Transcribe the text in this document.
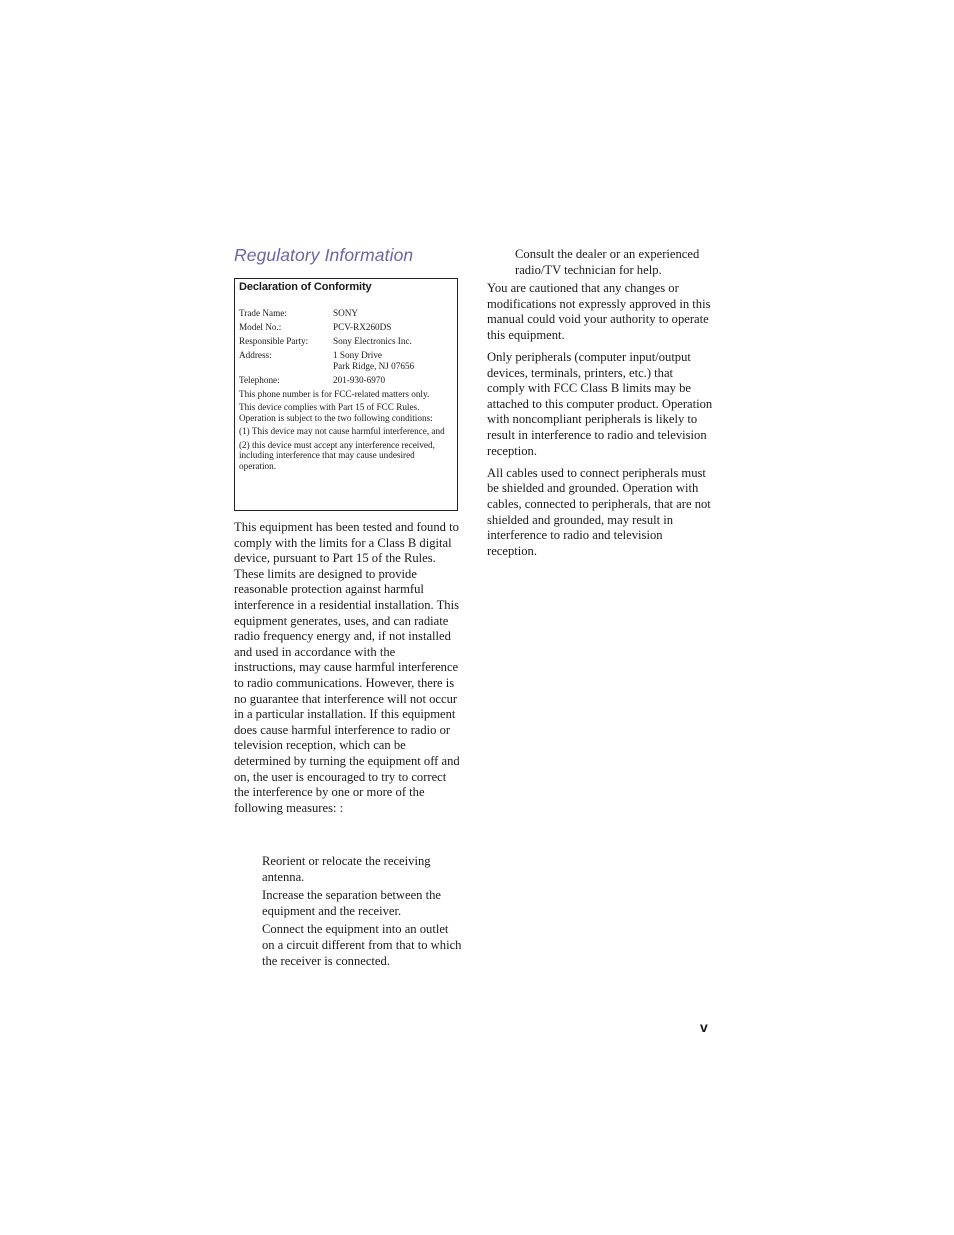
Regulatory Information
Declaration of Conformity
Trade Name:	SONY
Model No.:	PCV-RX260DS
Responsible Party:	Sony Electronics Inc.
Address:	1 Sony Drive
Park Ridge, NJ 07656
Telephone:	201-930-6970
This phone number is for FCC-related matters only.
This device complies with Part 15 of FCC Rules. Operation is subject to the two following conditions:
(1) This device may not cause harmful interference, and
(2) this device must accept any interference received, including interference that may cause undesired operation.

This equipment has been tested and found to comply with the limits for a Class B digital device, pursuant to Part 15 of the Rules. These limits are designed to provide reasonable protection against harmful interference in a residential installation. This equipment generates, uses, and can radiate radio frequency energy and, if not installed and used in accordance with the instructions, may cause harmful interference to radio communications. However, there is no guarantee that interference will not occur in a particular installation. If this equipment does cause harmful interference to radio or television reception, which can be determined by turning the equipment off and on, the user is encouraged to try to correct the interference by one or more of the following measures: :

Reorient or relocate the receiving antenna.
Increase the separation between the equipment and the receiver.
Connect the equipment into an outlet on a circuit different from that to which the receiver is connected.
Consult the dealer or an experienced radio/TV technician for help.

You are cautioned that any changes or modifications not expressly approved in this manual could void your authority to operate this equipment.

Only peripherals (computer input/output devices, terminals, printers, etc.) that comply with FCC Class B limits may be attached to this computer product. Operation with noncompliant peripherals is likely to result in interference to radio and television reception.

All cables used to connect peripherals must be shielded and grounded. Operation with cables, connected to peripherals, that are not shielded and grounded, may result in interference to radio and television reception.

v
